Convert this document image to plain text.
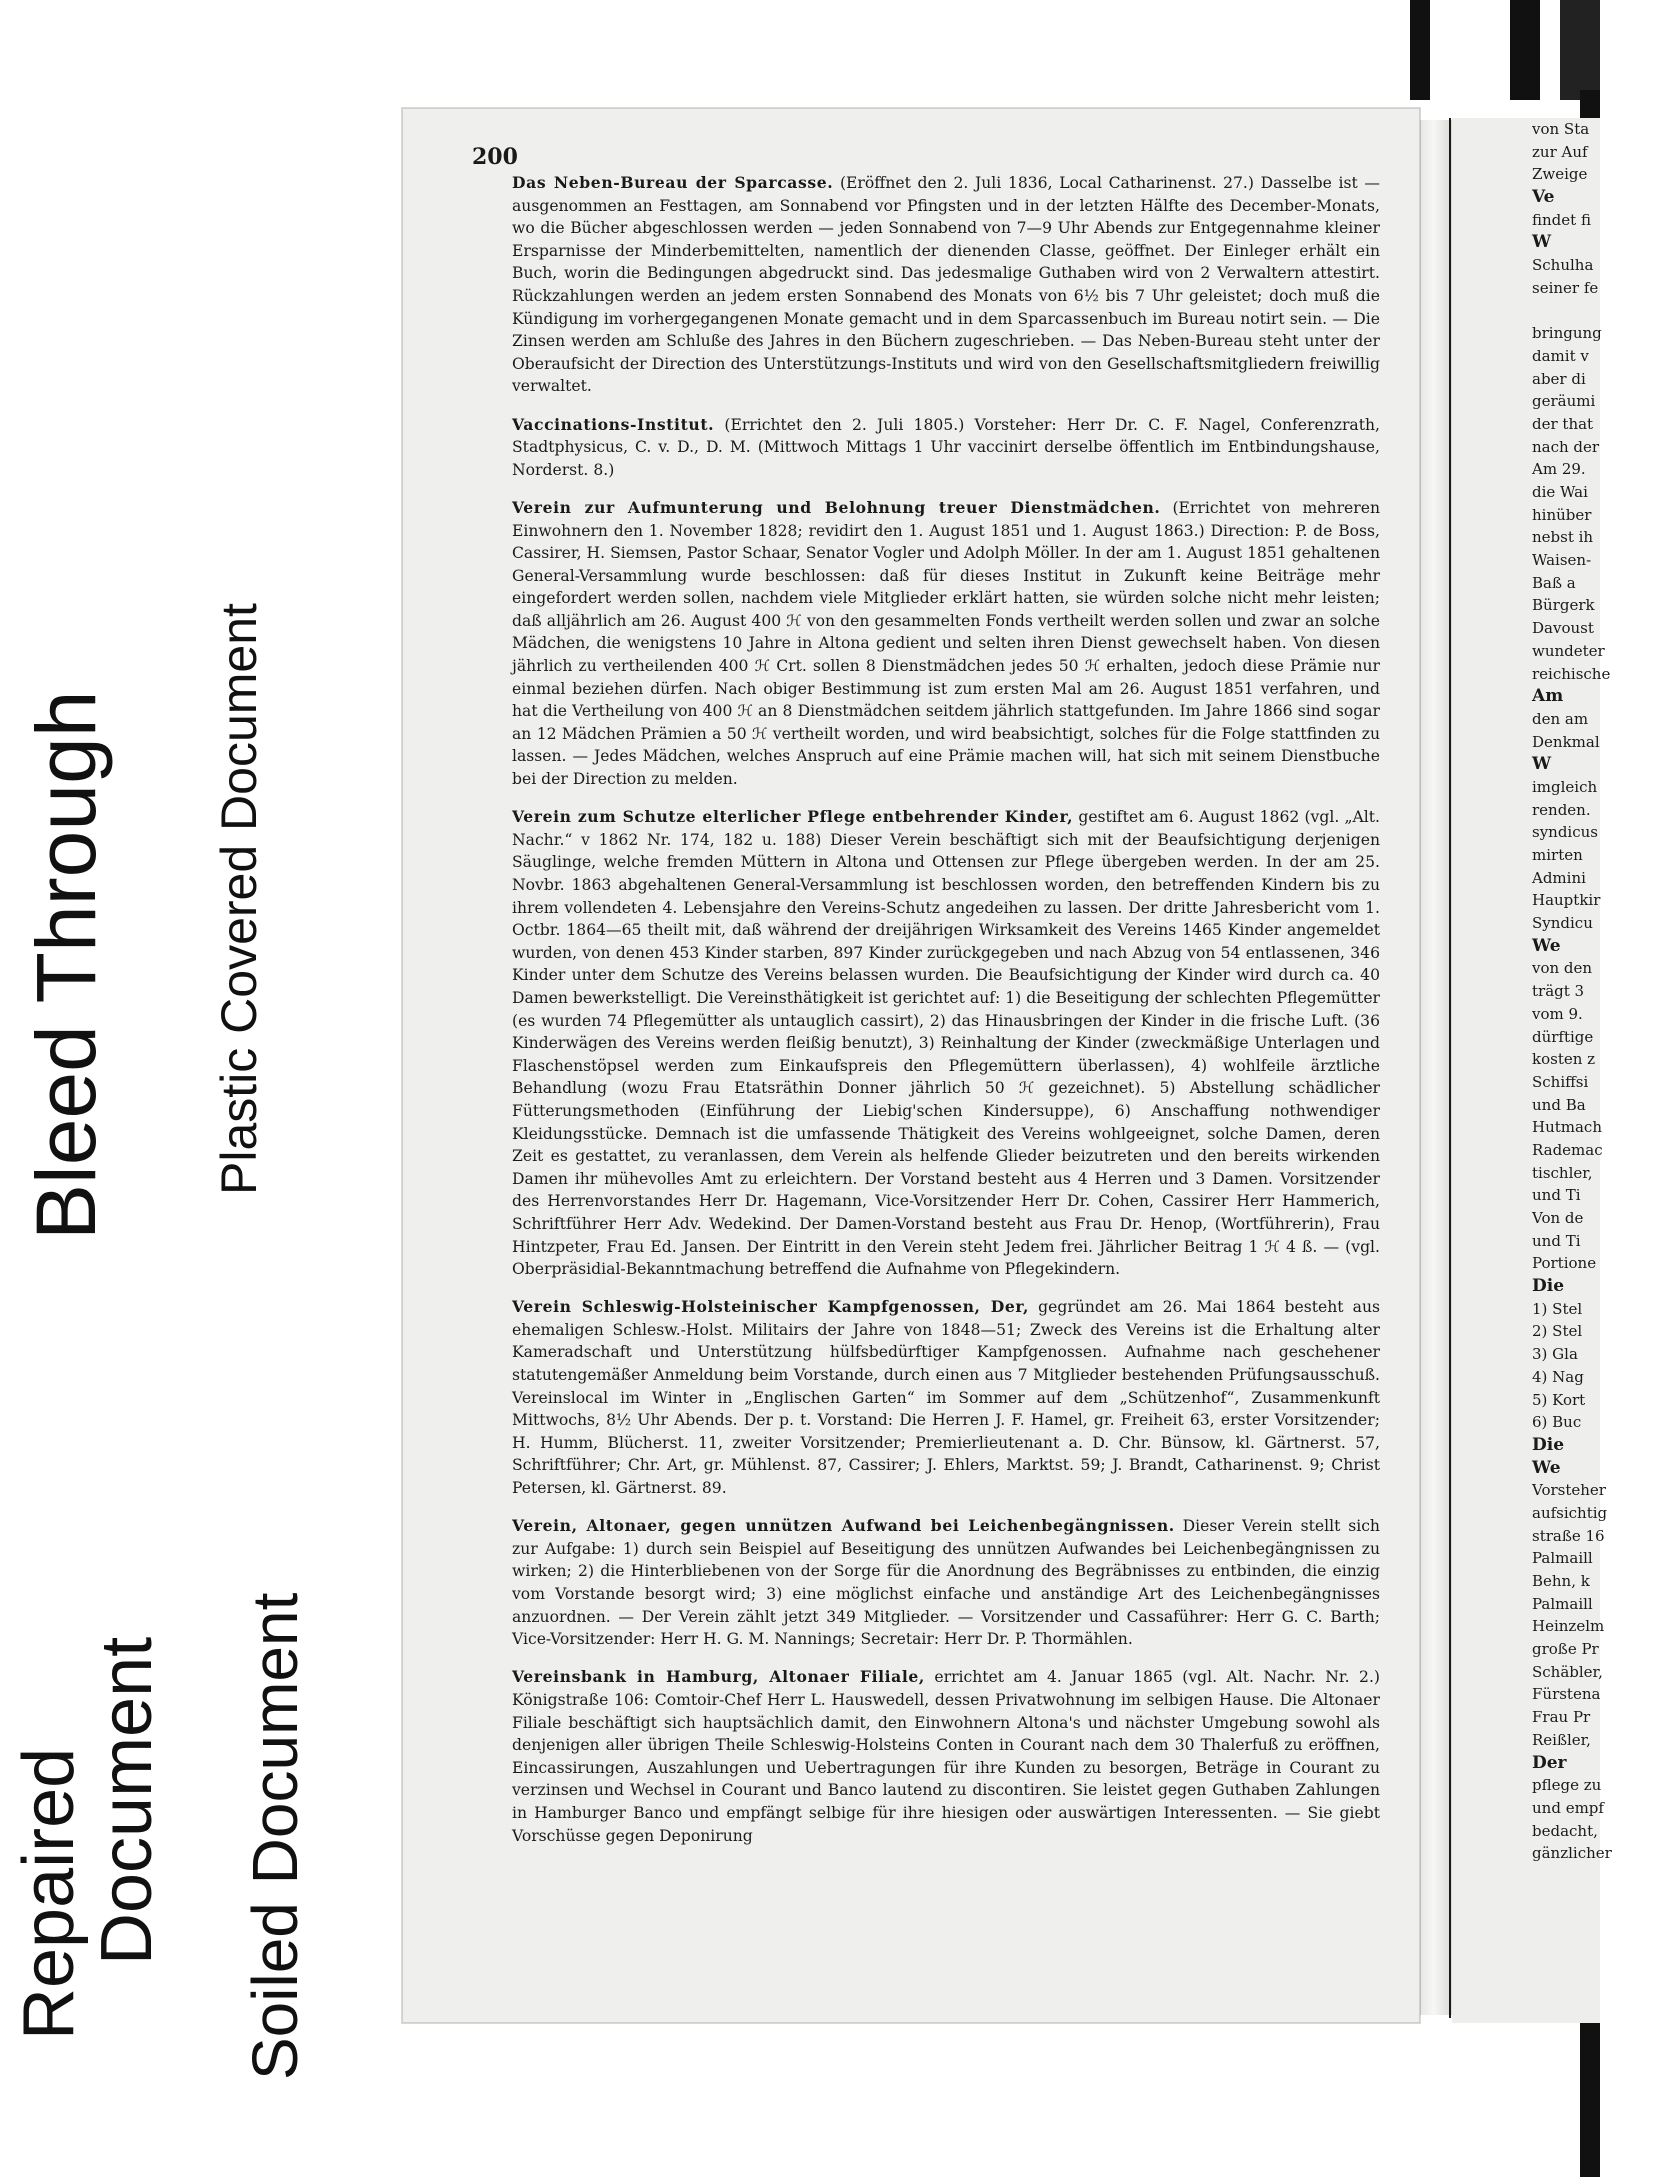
Bleed Through Plastic Covered Document
Soiled Document
Repaired
Document
200

Das Neben-Bureau der Sparcasse. (Eröffnet den 2. Juli 1836, Local Catharinenst. 27.) Dasselbe ist — ausgenommen an Festtagen, am Sonnabend vor Pfingsten und in der letzten Hälfte des December-Monats, wo die Bücher abgeschlossen werden — jeden Sonnabend von 7—9 Uhr Abends zur Entgegennahme kleiner Ersparnisse der Minderbemittelten, namentlich der dienenden Classe, geöffnet. Der Einleger erhält ein Buch, worin die Bedingungen abgedruckt sind. Das jedesmalige Guthaben wird von 2 Verwaltern attestirt. Rückzahlungen werden an jedem ersten Sonnabend des Monats von 6½ bis 7 Uhr geleistet; doch muß die Kündigung im vorhergegangenen Monate gemacht und in dem Sparcassenbuch im Bureau notirt sein. — Die Zinsen werden am Schluße des Jahres in den Büchern zugeschrieben. — Das Neben-Bureau steht unter der Oberaufsicht der Direction des Unterstützungs-Instituts und wird von den Gesellschaftsmitgliedern freiwillig verwaltet.

Vaccinations-Institut. (Errichtet den 2. Juli 1805.) Vorsteher: Herr Dr. C. F. Nagel, Conferenzrath, Stadtphysicus, C. v. D., D. M. (Mittwoch Mittags 1 Uhr vaccinirt derselbe öffentlich im Entbindungshause, Norderst. 8.)

Verein zur Aufmunterung und Belohnung treuer Dienstmädchen. (Errichtet von mehreren Einwohnern den 1. November 1828; revidirt den 1. August 1851 und 1. August 1863.) Direction: P. de Boss, Cassirer, H. Siemsen, Pastor Schaar, Senator Vogler und Adolph Möller. In der am 1. August 1851 gehaltenen General-Versammlung wurde beschlossen: daß für dieses Institut in Zukunft keine Beiträge mehr eingefordert werden sollen, nachdem viele Mitglieder erklärt hatten, sie würden solche nicht mehr leisten; daß alljährlich am 26. August 400 ℋ von den gesammelten Fonds vertheilt werden sollen und zwar an solche Mädchen, die wenigstens 10 Jahre in Altona gedient und selten ihren Dienst gewechselt haben. Von diesen jährlich zu vertheilenden 400 ℋ Crt. sollen 8 Dienstmädchen jedes 50 ℋ erhalten, jedoch diese Prämie nur einmal beziehen dürfen. Nach obiger Bestimmung ist zum ersten Mal am 26. August 1851 verfahren, und hat die Vertheilung von 400 ℋ an 8 Dienstmädchen seitdem jährlich stattgefunden. Im Jahre 1866 sind sogar an 12 Mädchen Prämien a 50 ℋ vertheilt worden, und wird beabsichtigt, solches für die Folge stattfinden zu lassen. — Jedes Mädchen, welches Anspruch auf eine Prämie machen will, hat sich mit seinem Dienstbuche bei der Direction zu melden.

Verein zum Schutze elterlicher Pflege entbehrender Kinder, gestiftet am 6. August 1862 (vgl. „Alt. Nachr.“ v 1862 Nr. 174, 182 u. 188) Dieser Verein beschäftigt sich mit der Beaufsichtigung derjenigen Säuglinge, welche fremden Müttern in Altona und Ottensen zur Pflege übergeben werden. In der am 25. Novbr. 1863 abgehaltenen General-Versammlung ist beschlossen worden, den betreffenden Kindern bis zu ihrem vollendeten 4. Lebensjahre den Vereins-Schutz angedeihen zu lassen. Der dritte Jahresbericht vom 1. Octbr. 1864—65 theilt mit, daß während der dreijährigen Wirksamkeit des Vereins 1465 Kinder angemeldet wurden, von denen 453 Kinder starben, 897 Kinder zurückgegeben und nach Abzug von 54 entlassenen, 346 Kinder unter dem Schutze des Vereins belassen wurden. Die Beaufsichtigung der Kinder wird durch ca. 40 Damen bewerkstelligt. Die Vereinsthätigkeit ist gerichtet auf: 1) die Beseitigung der schlechten Pflegemütter (es wurden 74 Pflegemütter als untauglich cassirt), 2) das Hinausbringen der Kinder in die frische Luft. (36 Kinderwägen des Vereins werden fleißig benutzt), 3) Reinhaltung der Kinder (zweckmäßige Unterlagen und Flaschenstöpsel werden zum Einkaufspreis den Pflegemüttern überlassen), 4) wohlfeile ärztliche Behandlung (wozu Frau Etatsräthin Donner jährlich 50 ℋ gezeichnet). 5) Abstellung schädlicher Fütterungsmethoden (Einführung der Liebig'schen Kindersuppe), 6) Anschaffung nothwendiger Kleidungsstücke. Demnach ist die umfassende Thätigkeit des Vereins wohlgeeignet, solche Damen, deren Zeit es gestattet, zu veranlassen, dem Verein als helfende Glieder beizutreten und den bereits wirkenden Damen ihr mühevolles Amt zu erleichtern. Der Vorstand besteht aus 4 Herren und 3 Damen. Vorsitzender des Herrenvorstandes Herr Dr. Hagemann, Vice-Vorsitzender Herr Dr. Cohen, Cassirer Herr Hammerich, Schriftführer Herr Adv. Wedekind. Der Damen-Vorstand besteht aus Frau Dr. Henop, (Wortführerin), Frau Hintzpeter, Frau Ed. Jansen. Der Eintritt in den Verein steht Jedem frei. Jährlicher Beitrag 1 ℋ 4 ß. — (vgl. Oberpräsidial-Bekanntmachung betreffend die Aufnahme von Pflegekindern.

Verein Schleswig-Holsteinischer Kampfgenossen, Der, gegründet am 26. Mai 1864 besteht aus ehemaligen Schlesw.-Holst. Militairs der Jahre von 1848—51; Zweck des Vereins ist die Erhaltung alter Kameradschaft und Unterstützung hülfsbedürftiger Kampfgenossen. Aufnahme nach geschehener statutengemäßer Anmeldung beim Vorstande, durch einen aus 7 Mitglieder bestehenden Prüfungsausschuß. Vereinslocal im Winter in „Englischen Garten“ im Sommer auf dem „Schützenhof“, Zusammenkunft Mittwochs, 8½ Uhr Abends. Der p. t. Vorstand: Die Herren J. F. Hamel, gr. Freiheit 63, erster Vorsitzender; H. Humm, Blücherst. 11, zweiter Vorsitzender; Premierlieutenant a. D. Chr. Bünsow, kl. Gärtnerst. 57, Schriftführer; Chr. Art, gr. Mühlenst. 87, Cassirer; J. Ehlers, Marktst. 59; J. Brandt, Catharinenst. 9; Christ Petersen, kl. Gärtnerst. 89.

Verein, Altonaer, gegen unnützen Aufwand bei Leichenbegängnissen. Dieser Verein stellt sich zur Aufgabe: 1) durch sein Beispiel auf Beseitigung des unnützen Aufwandes bei Leichenbegängnissen zu wirken; 2) die Hinterbliebenen von der Sorge für die Anordnung des Begräbnisses zu entbinden, die einzig vom Vorstande besorgt wird; 3) eine möglichst einfache und anständige Art des Leichenbegängnisses anzuordnen. — Der Verein zählt jetzt 349 Mitglieder. — Vorsitzender und Cassaführer: Herr G. C. Barth; Vice-Vorsitzender: Herr H. G. M. Nannings; Secretair: Herr Dr. P. Thormählen.

Vereinsbank in Hamburg, Altonaer Filiale, errichtet am 4. Januar 1865 (vgl. Alt. Nachr. Nr. 2.) Königstraße 106: Comtoir-Chef Herr L. Hauswedell, dessen Privatwohnung im selbigen Hause. Die Altonaer Filiale beschäftigt sich hauptsächlich damit, den Einwohnern Altona's und nächster Umgebung sowohl als denjenigen aller übrigen Theile Schleswig-Holsteins Conten in Courant nach dem 30 Thalerfuß zu eröffnen, Eincassirungen, Auszahlungen und Uebertragungen für ihre Kunden zu besorgen, Beträge in Courant zu verzinsen und Wechsel in Courant und Banco lautend zu discontiren. Sie leistet gegen Guthaben Zahlungen in Hamburger Banco und empfängt selbige für ihre hiesigen oder auswärtigen Interessenten. — Sie giebt Vorschüsse gegen Deponirung

von Sta
zur Auf
Zweige
Ve
findet fi
W
Schulha
seiner fe
bringung
damit v
aber di
geräumi
der that
nach der
Am 29.
die Wai
hinüber
nebst ih
Waisen-
Baß a
Bürgerk
Davoust
wundeter
reichische
Am
den am
Denkmal
W
imgleich
renden.
syndicus
mirten
Admini
Hauptkir
Syndicu
We
von den
trägt 3
vom 9.
dürftige
kosten z
Schiffsi
und Ba
Hutmach
Rademac
tischler,
und Ti
Von de
und Ti
Portione
Die
1) Stel
2) Stel
3) Gla
4) Nag
5) Kort
6) Buc
Die
We
Vorsteher
aufsichtig
straße 16
Palmaill
Behn, k
Palmaill
Heinzelm
große Pr
Schäbler,
Fürstena
Frau Pr
Reißler,
Der
pflege zu
und empf
bedacht,
gänzlicher
